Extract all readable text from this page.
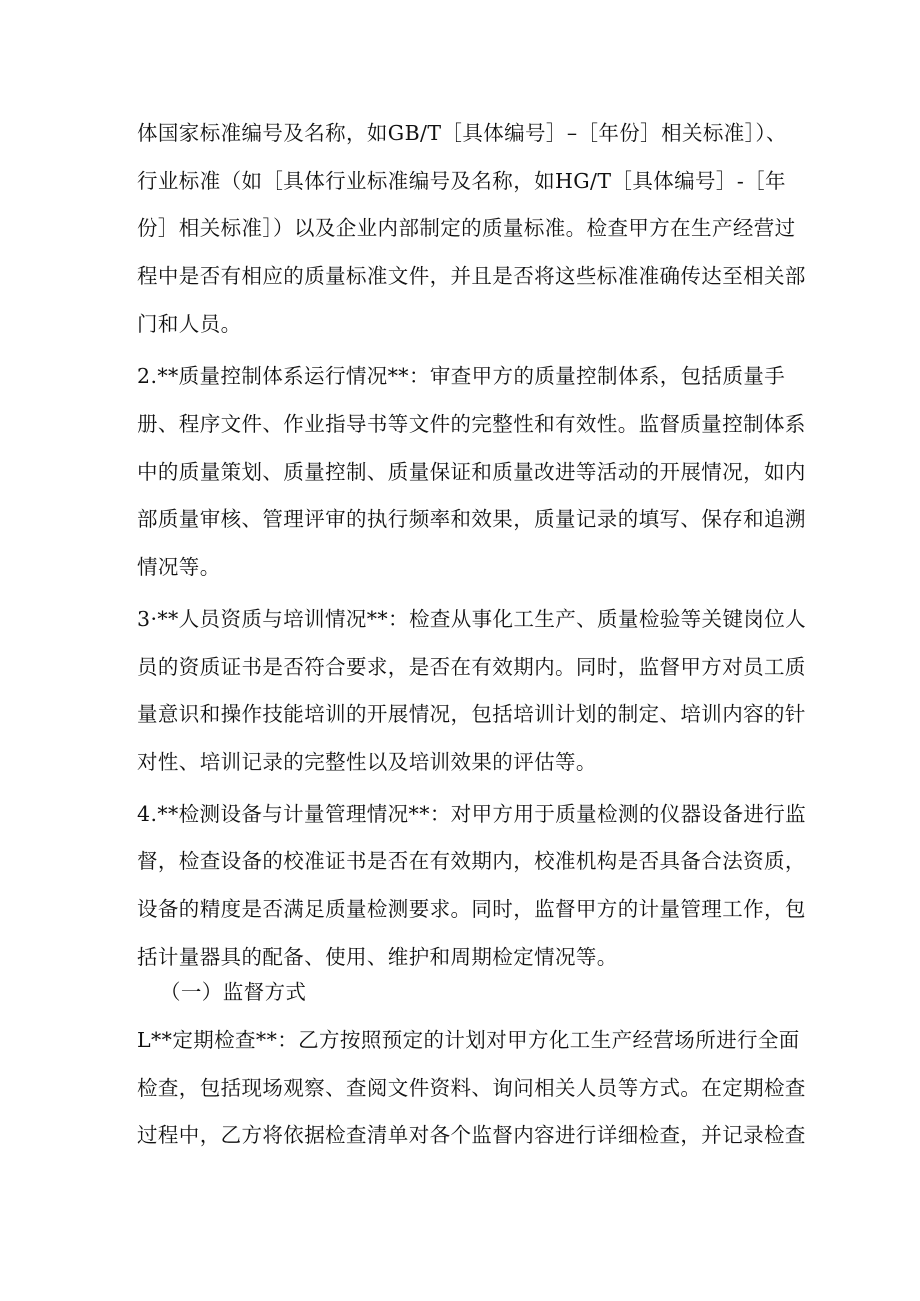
体国家标准编号及名称，如GB/T［具体编号］–［年份］相关标准］）、
行业标准（如［具体行业标准编号及名称，如HG/T［具体编号］-［年
份］相关标准］）以及企业内部制定的质量标准。检查甲方在生产经营过
程中是否有相应的质量标准文件，并且是否将这些标准准确传达至相关部
门和人员。
2.**质量控制体系运行情况**：审查甲方的质量控制体系，包括质量手
册、程序文件、作业指导书等文件的完整性和有效性。监督质量控制体系
中的质量策划、质量控制、质量保证和质量改进等活动的开展情况，如内
部质量审核、管理评审的执行频率和效果，质量记录的填写、保存和追溯
情况等。
3·**人员资质与培训情况**：检查从事化工生产、质量检验等关键岗位人
员的资质证书是否符合要求，是否在有效期内。同时，监督甲方对员工质
量意识和操作技能培训的开展情况，包括培训计划的制定、培训内容的针
对性、培训记录的完整性以及培训效果的评估等。
4.**检测设备与计量管理情况**：对甲方用于质量检测的仪器设备进行监
督，检查设备的校准证书是否在有效期内，校准机构是否具备合法资质，
设备的精度是否满足质量检测要求。同时，监督甲方的计量管理工作，包
括计量器具的配备、使用、维护和周期检定情况等。
（一）监督方式
L**定期检查**：乙方按照预定的计划对甲方化工生产经营场所进行全面
检查，包括现场观察、查阅文件资料、询问相关人员等方式。在定期检查
过程中，乙方将依据检查清单对各个监督内容进行详细检查，并记录检查
